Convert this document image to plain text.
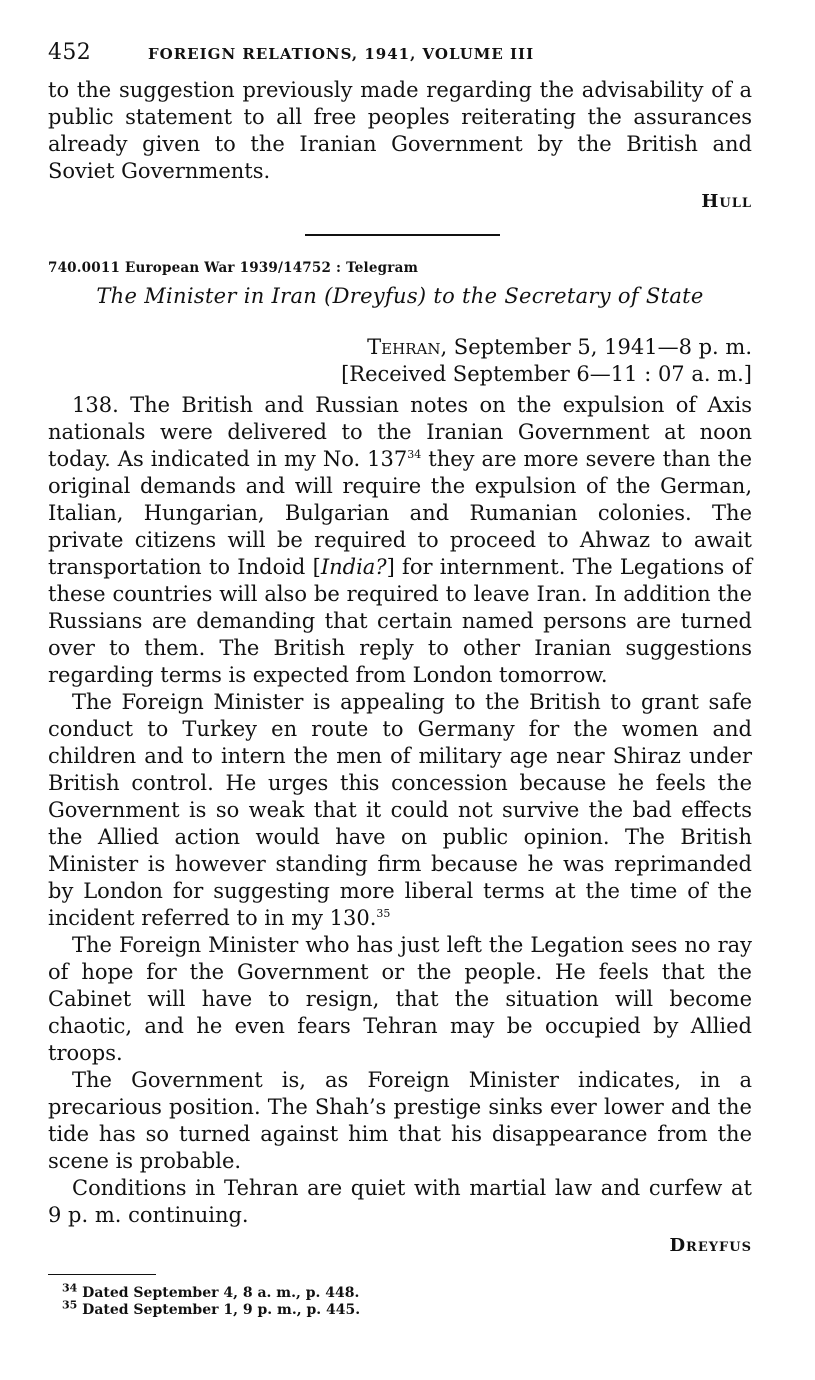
452	FOREIGN RELATIONS, 1941, VOLUME III

to the suggestion previously made regarding the advisability of a public statement to all free peoples reiterating the assurances already given to the Iranian Government by the British and Soviet Governments.

Hull
740.0011 European War 1939/14752 : Telegram
The Minister in Iran (Dreyfus) to the Secretary of State
Tehran, September 5, 1941—8 p. m.
[Received September 6—11 : 07 a. m.]

138. The British and Russian notes on the expulsion of Axis nationals were delivered to the Iranian Government at noon today. As indicated in my No. $137^{34}$ they are more severe than the original demands and will require the expulsion of the German, Italian, Hungarian, Bulgarian and Rumanian colonies. The private citizens will be required to proceed to Ahwaz to await transportation to Indoid [India?] for internment. The Legations of these countries will also be required to leave Iran. In addition the Russians are demanding that certain named persons are turned over to them. The British reply to other Iranian suggestions regarding terms is expected from London tomorrow.

The Foreign Minister is appealing to the British to grant safe conduct to Turkey en route to Germany for the women and children and to intern the men of military age near Shiraz under British control. He urges this concession because he feels the Government is so weak that it could not survive the bad effects the Allied action would have on public opinion. The British Minister is however standing firm because he was reprimanded by London for suggesting more liberal terms at the time of the incident referred to in my 130.35

The Foreign Minister who has just left the Legation sees no ray of hope for the Government or the people. He feels that the Cabinet will have to resign, that the situation will become chaotic, and he even fears Tehran may be occupied by Allied troops.

The Government is, as Foreign Minister indicates, in a precarious position. The Shah’s prestige sinks ever lower and the tide has so turned against him that his disappearance from the scene is probable.

Conditions in Tehran are quiet with martial law and curfew at 9 p. m. continuing.

Dreyfus
$^{34}$ Dated September 4, 8 a. m., p. 448.
$^{35}$ Dated September 1, 9 p. m., p. 445.
